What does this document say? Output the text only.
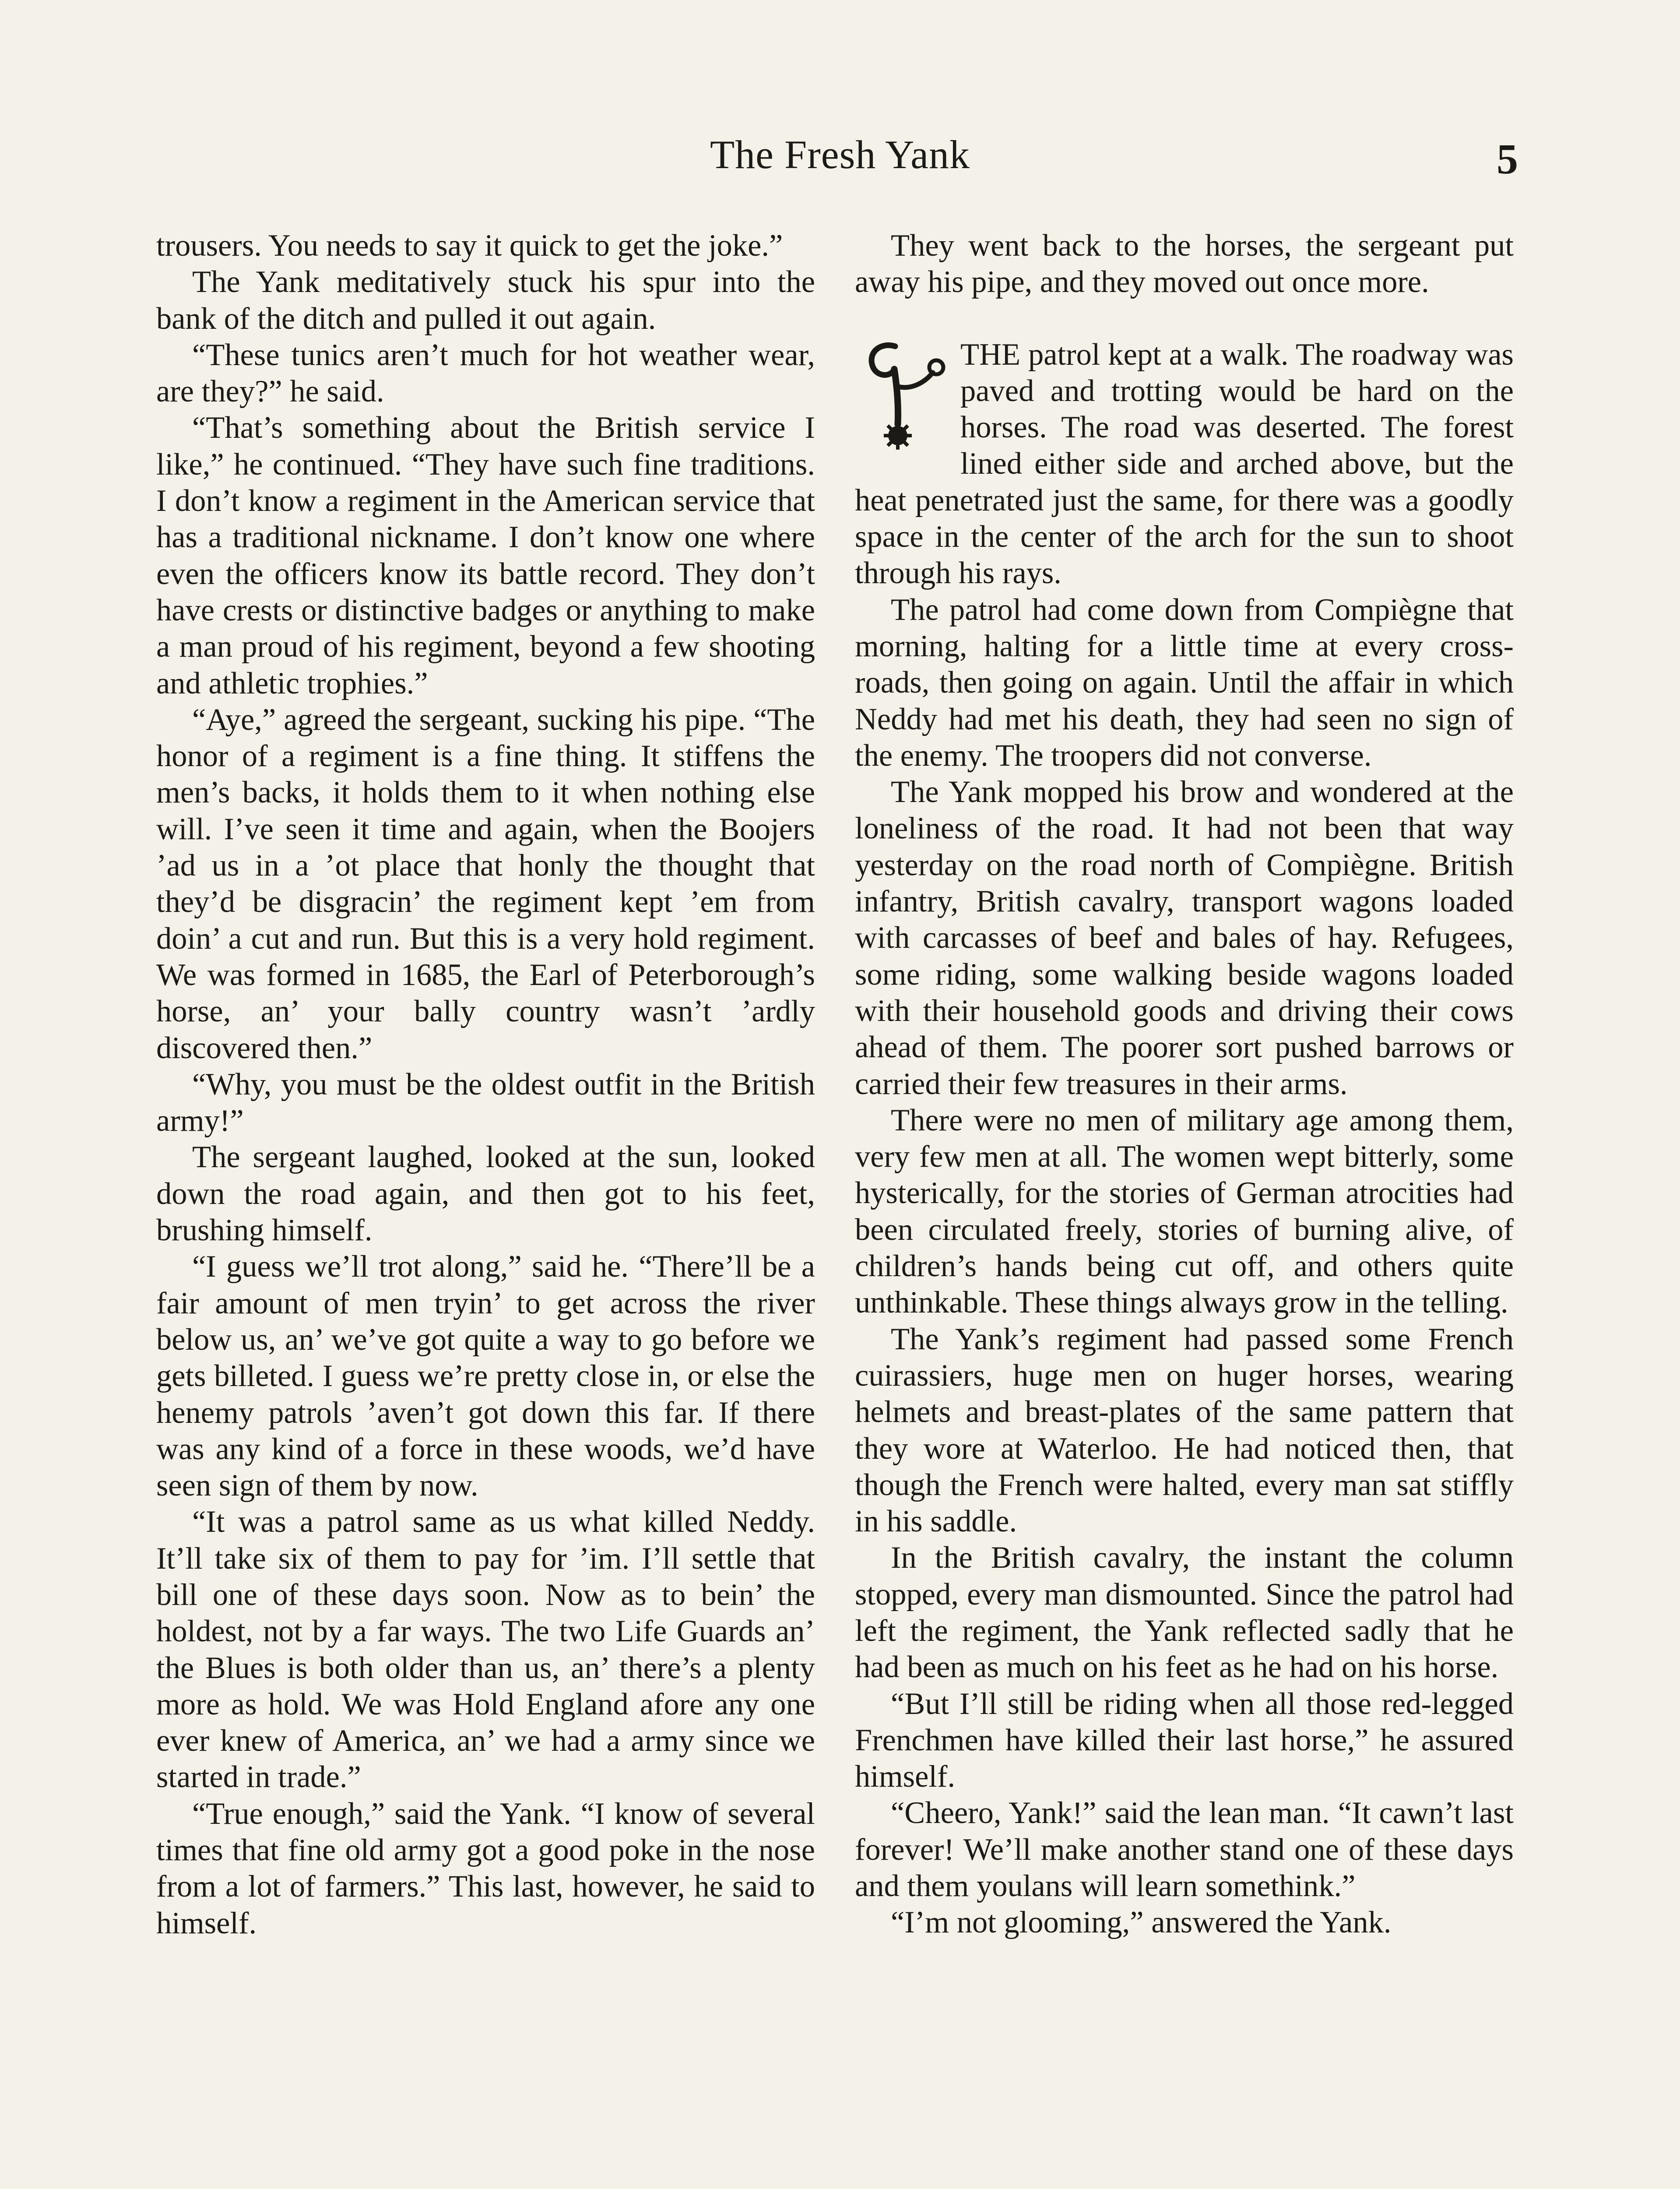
The Fresh Yank	5

trousers. You needs to say it quick to get the joke.”

The Yank meditatively stuck his spur into the bank of the ditch and pulled it out again.

“These tunics aren’t much for hot weather wear, are they?” he said.

“That’s something about the British service I like,” he continued. “They have such fine traditions. I don’t know a regiment in the American service that has a traditional nickname. I don’t know one where even the officers know its battle record. They don’t have crests or distinctive badges or anything to make a man proud of his regiment, beyond a few shooting and athletic trophies.”

“Aye,” agreed the sergeant, sucking his pipe. “The honor of a regiment is a fine thing. It stiffens the men’s backs, it holds them to it when nothing else will. I’ve seen it time and again, when the Boojers ’ad us in a ’ot place that honly the thought that they’d be disgracin’ the regiment kept ’em from doin’ a cut and run. But this is a very hold regiment. We was formed in 1685, the Earl of Peterborough’s horse, an’ your bally country wasn’t ’ardly discovered then.”

“Why, you must be the oldest outfit in the British army!”

The sergeant laughed, looked at the sun, looked down the road again, and then got to his feet, brushing himself.

“I guess we’ll trot along,” said he. “There’ll be a fair amount of men tryin’ to get across the river below us, an’ we’ve got quite a way to go before we gets billeted. I guess we’re pretty close in, or else the henemy patrols ’aven’t got down this far. If there was any kind of a force in these woods, we’d have seen sign of them by now.

“It was a patrol same as us what killed Neddy. It’ll take six of them to pay for ’im. I’ll settle that bill one of these days soon. Now as to bein’ the holdest, not by a far ways. The two Life Guards an’ the Blues is both older than us, an’ there’s a plenty more as hold. We was Hold England afore any one ever knew of America, an’ we had a army since we started in trade.”

“True enough,” said the Yank. “I know of several times that fine old army got a good poke in the nose from a lot of farmers.” This last, however, he said to himself.

They went back to the horses, the sergeant put away his pipe, and they moved out once more.

THE patrol kept at a walk. The roadway was paved and trotting would be hard on the horses. The road was deserted. The forest lined either side and arched above, but the heat penetrated just the same, for there was a goodly space in the center of the arch for the sun to shoot through his rays.

The patrol had come down from Compiègne that morning, halting for a little time at every cross-roads, then going on again. Until the affair in which Neddy had met his death, they had seen no sign of the enemy. The troopers did not converse.

The Yank mopped his brow and wondered at the loneliness of the road. It had not been that way yesterday on the road north of Compiègne. British infantry, British cavalry, transport wagons loaded with carcasses of beef and bales of hay. Refugees, some riding, some walking beside wagons loaded with their household goods and driving their cows ahead of them. The poorer sort pushed barrows or carried their few treasures in their arms.

There were no men of military age among them, very few men at all. The women wept bitterly, some hysterically, for the stories of German atrocities had been circulated freely, stories of burning alive, of children’s hands being cut off, and others quite unthinkable. These things always grow in the telling.

The Yank’s regiment had passed some French cuirassiers, huge men on huger horses, wearing helmets and breast-plates of the same pattern that they wore at Waterloo. He had noticed then, that though the French were halted, every man sat stiffly in his saddle.

In the British cavalry, the instant the column stopped, every man dismounted. Since the patrol had left the regiment, the Yank reflected sadly that he had been as much on his feet as he had on his horse.

“But I’ll still be riding when all those red-legged Frenchmen have killed their last horse,” he assured himself.

“Cheero, Yank!” said the lean man. “It cawn’t last forever! We’ll make another stand one of these days and them youlans will learn somethink.”

“I’m not glooming,” answered the Yank.
